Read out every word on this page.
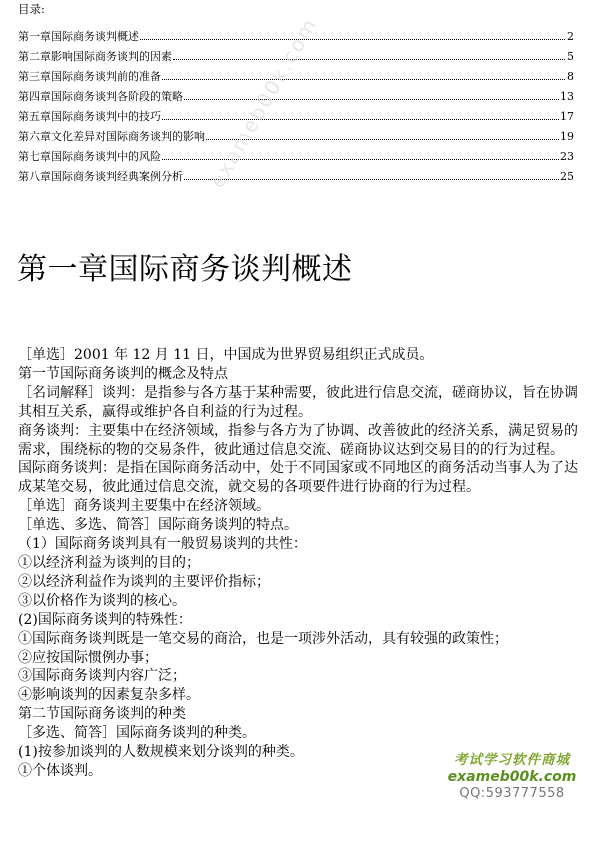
目录:
第一章国际商务谈判概述	2
第二章影响国际商务谈判的因素	5
第三章国际商务谈判前的准备	8
第四章国际商务谈判各阶段的策略	13
第五章国际商务谈判中的技巧	17
第六章文化差异对国际商务谈判的影响	19
第七章国际商务谈判中的风险	23
第八章国际商务谈判经典案例分析	25
exameb00k.com
第一章国际商务谈判概述

［单选］2001 年 12 月 11 日，中国成为世界贸易组织正式成员。

第一节国际商务谈判的概念及特点

［名词解释］谈判：是指参与各方基于某种需要，彼此进行信息交流，磋商协议，旨在协调其相互关系，赢得或维护各自利益的行为过程。

商务谈判：主要集中在经济领域，指参与各方为了协调、改善彼此的经济关系，满足贸易的需求，围绕标的物的交易条件，彼此通过信息交流、磋商协议达到交易目的的行为过程。

国际商务谈判：是指在国际商务活动中，处于不同国家或不同地区的商务活动当事人为了达成某笔交易，彼此通过信息交流，就交易的各项要件进行协商的行为过程。

［单选］商务谈判主要集中在经济领域。

［单选、多选、简答］国际商务谈判的特点。

（1）国际商务谈判具有一般贸易谈判的共性：

①以经济利益为谈判的目的；

②以经济利益作为谈判的主要评价指标；

③以价格作为谈判的核心。

(2)国际商务谈判的特殊性：

①国际商务谈判既是一笔交易的商洽，也是一项涉外活动，具有较强的政策性；

②应按国际惯例办事；

③国际商务谈判内容广泛；

④影响谈判的因素复杂多样。

第二节国际商务谈判的种类

［多选、简答］国际商务谈判的种类。

(1)按参加谈判的人数规模来划分谈判的种类。

①个体谈判。

考试学习软件商城
exameb00k.com
QQ:593777558
